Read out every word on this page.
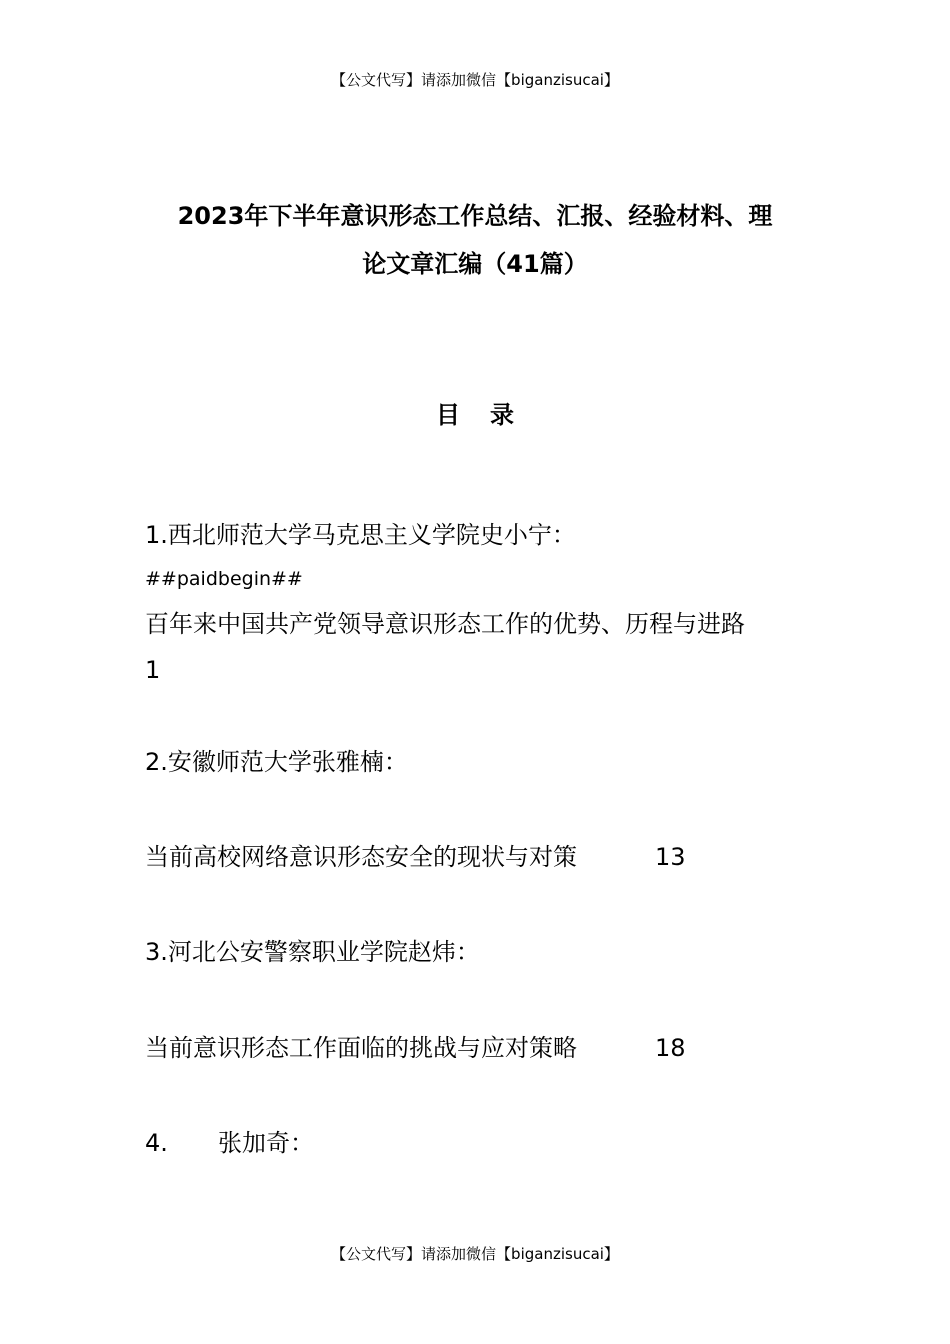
【公文代写】请添加微信【biganzisucai】
2023年下半年意识形态工作总结、汇报、经验材料、理
论文章汇编（41篇）
目录
1.西北师范大学马克思主义学院史小宁：
##paidbegin##
百年来中国共产党领导意识形态工作的优势、历程与进路
1
2.安徽师范大学张雅楠：
当前高校网络意识形态安全的现状与对策	13
3.河北公安警察职业学院赵炜：
当前意识形态工作面临的挑战与应对策略	18
4. 张加奇：
【公文代写】请添加微信【biganzisucai】
